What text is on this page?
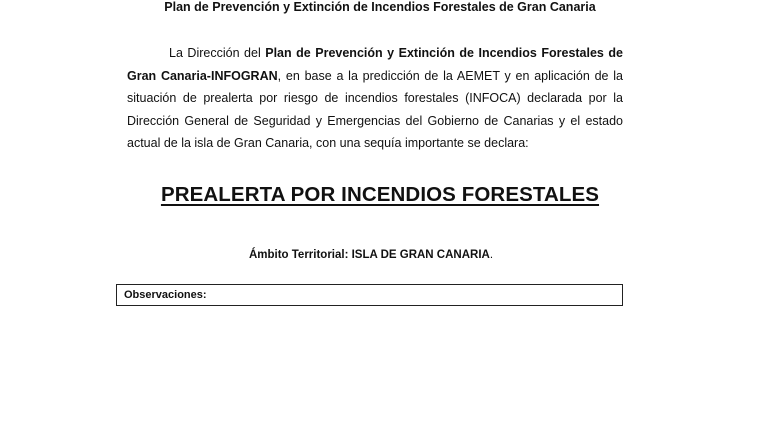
Plan de Prevención y Extinción de Incendios Forestales de Gran Canaria
La Dirección del Plan de Prevención y Extinción de Incendios Forestales de Gran Canaria-INFOGRAN, en base a la predicción de la AEMET y en aplicación de la situación de prealerta por riesgo de incendios forestales (INFOCA) declarada por la Dirección General de Seguridad y Emergencias del Gobierno de Canarias y el estado actual de la isla de Gran Canaria, con una sequía importante se declara:
PREALERTA POR INCENDIOS FORESTALES
Ámbito Territorial: ISLA DE GRAN CANARIA.
Observaciones:
